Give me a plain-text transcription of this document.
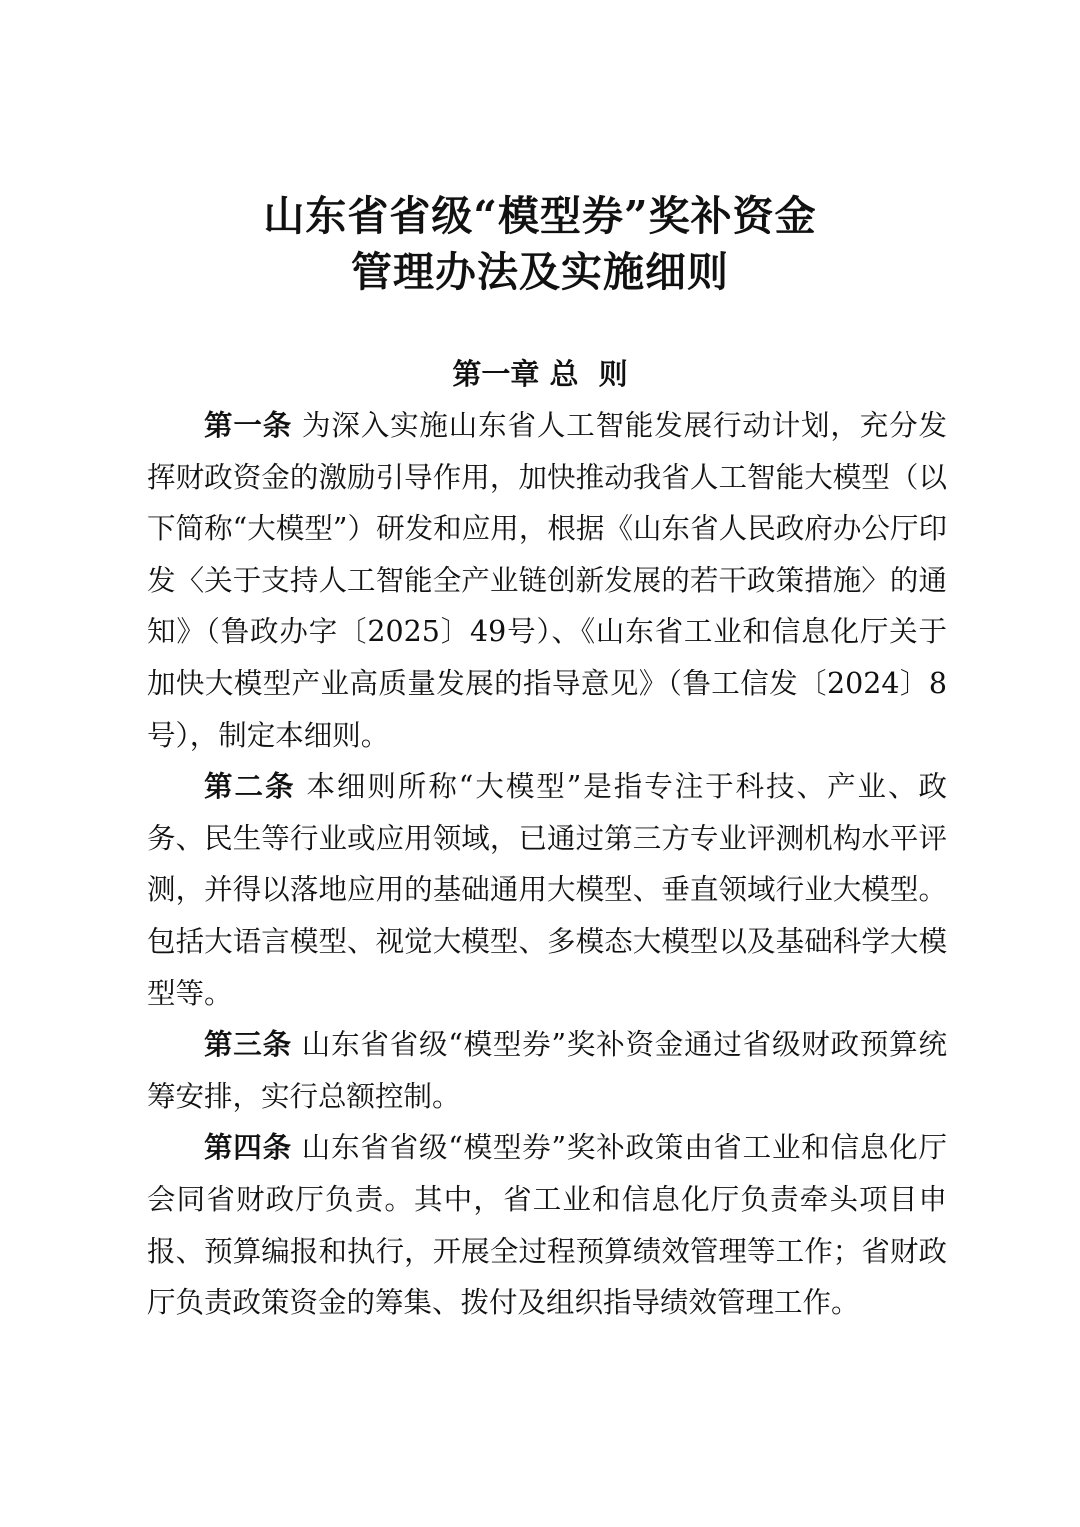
山东省省级“模型券”奖补资金
管理办法及实施细则
第一章 总  则

第一条 为深入实施山东省人工智能发展行动计划，充分发挥财政资金的激励引导作用，加快推动我省人工智能大模型（以下简称“大模型”）研发和应用，根据《山东省人民政府办公厅印发〈关于支持人工智能全产业链创新发展的若干政策措施〉的通知》（鲁政办字〔2025〕49号）、《山东省工业和信息化厅关于加快大模型产业高质量发展的指导意见》（鲁工信发〔2024〕8号），制定本细则。

第二条 本细则所称“大模型”是指专注于科技、产业、政务、民生等行业或应用领域，已通过第三方专业评测机构水平评测，并得以落地应用的基础通用大模型、垂直领域行业大模型。包括大语言模型、视觉大模型、多模态大模型以及基础科学大模型等。

第三条 山东省省级“模型券”奖补资金通过省级财政预算统筹安排，实行总额控制。

第四条 山东省省级“模型券”奖补政策由省工业和信息化厅会同省财政厅负责。其中，省工业和信息化厅负责牵头项目申报、预算编报和执行，开展全过程预算绩效管理等工作；省财政厅负责政策资金的筹集、拨付及组织指导绩效管理工作。
